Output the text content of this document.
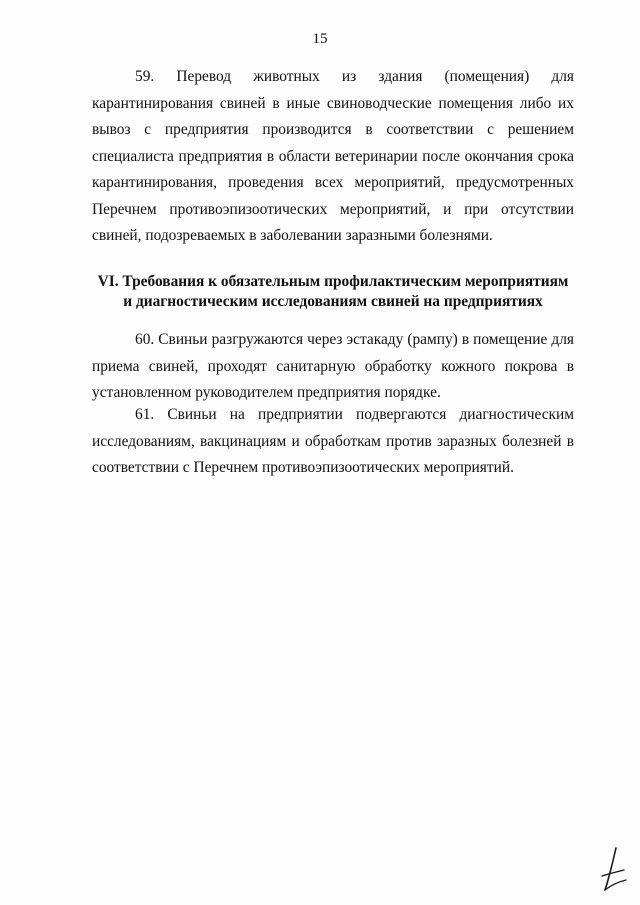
15

59. Перевод животных из здания (помещения) для карантинирования свиней в иные свиноводческие помещения либо их вывоз с предприятия производится в соответствии с решением специалиста предприятия в области ветеринарии после окончания срока карантинирования, проведения всех мероприятий, предусмотренных Перечнем противоэпизоотических мероприятий, и при отсутствии свиней, подозреваемых в заболевании заразными болезнями.

VI. Требования к обязательным профилактическим мероприятиям
и диагностическим исследованиям свиней на предприятиях

60. Свиньи разгружаются через эстакаду (рампу) в помещение для приема свиней, проходят санитарную обработку кожного покрова в установленном руководителем предприятия порядке.

61. Свиньи на предприятии подвергаются диагностическим исследованиям, вакцинациям и обработкам против заразных болезней в соответствии с Перечнем противоэпизоотических мероприятий.
